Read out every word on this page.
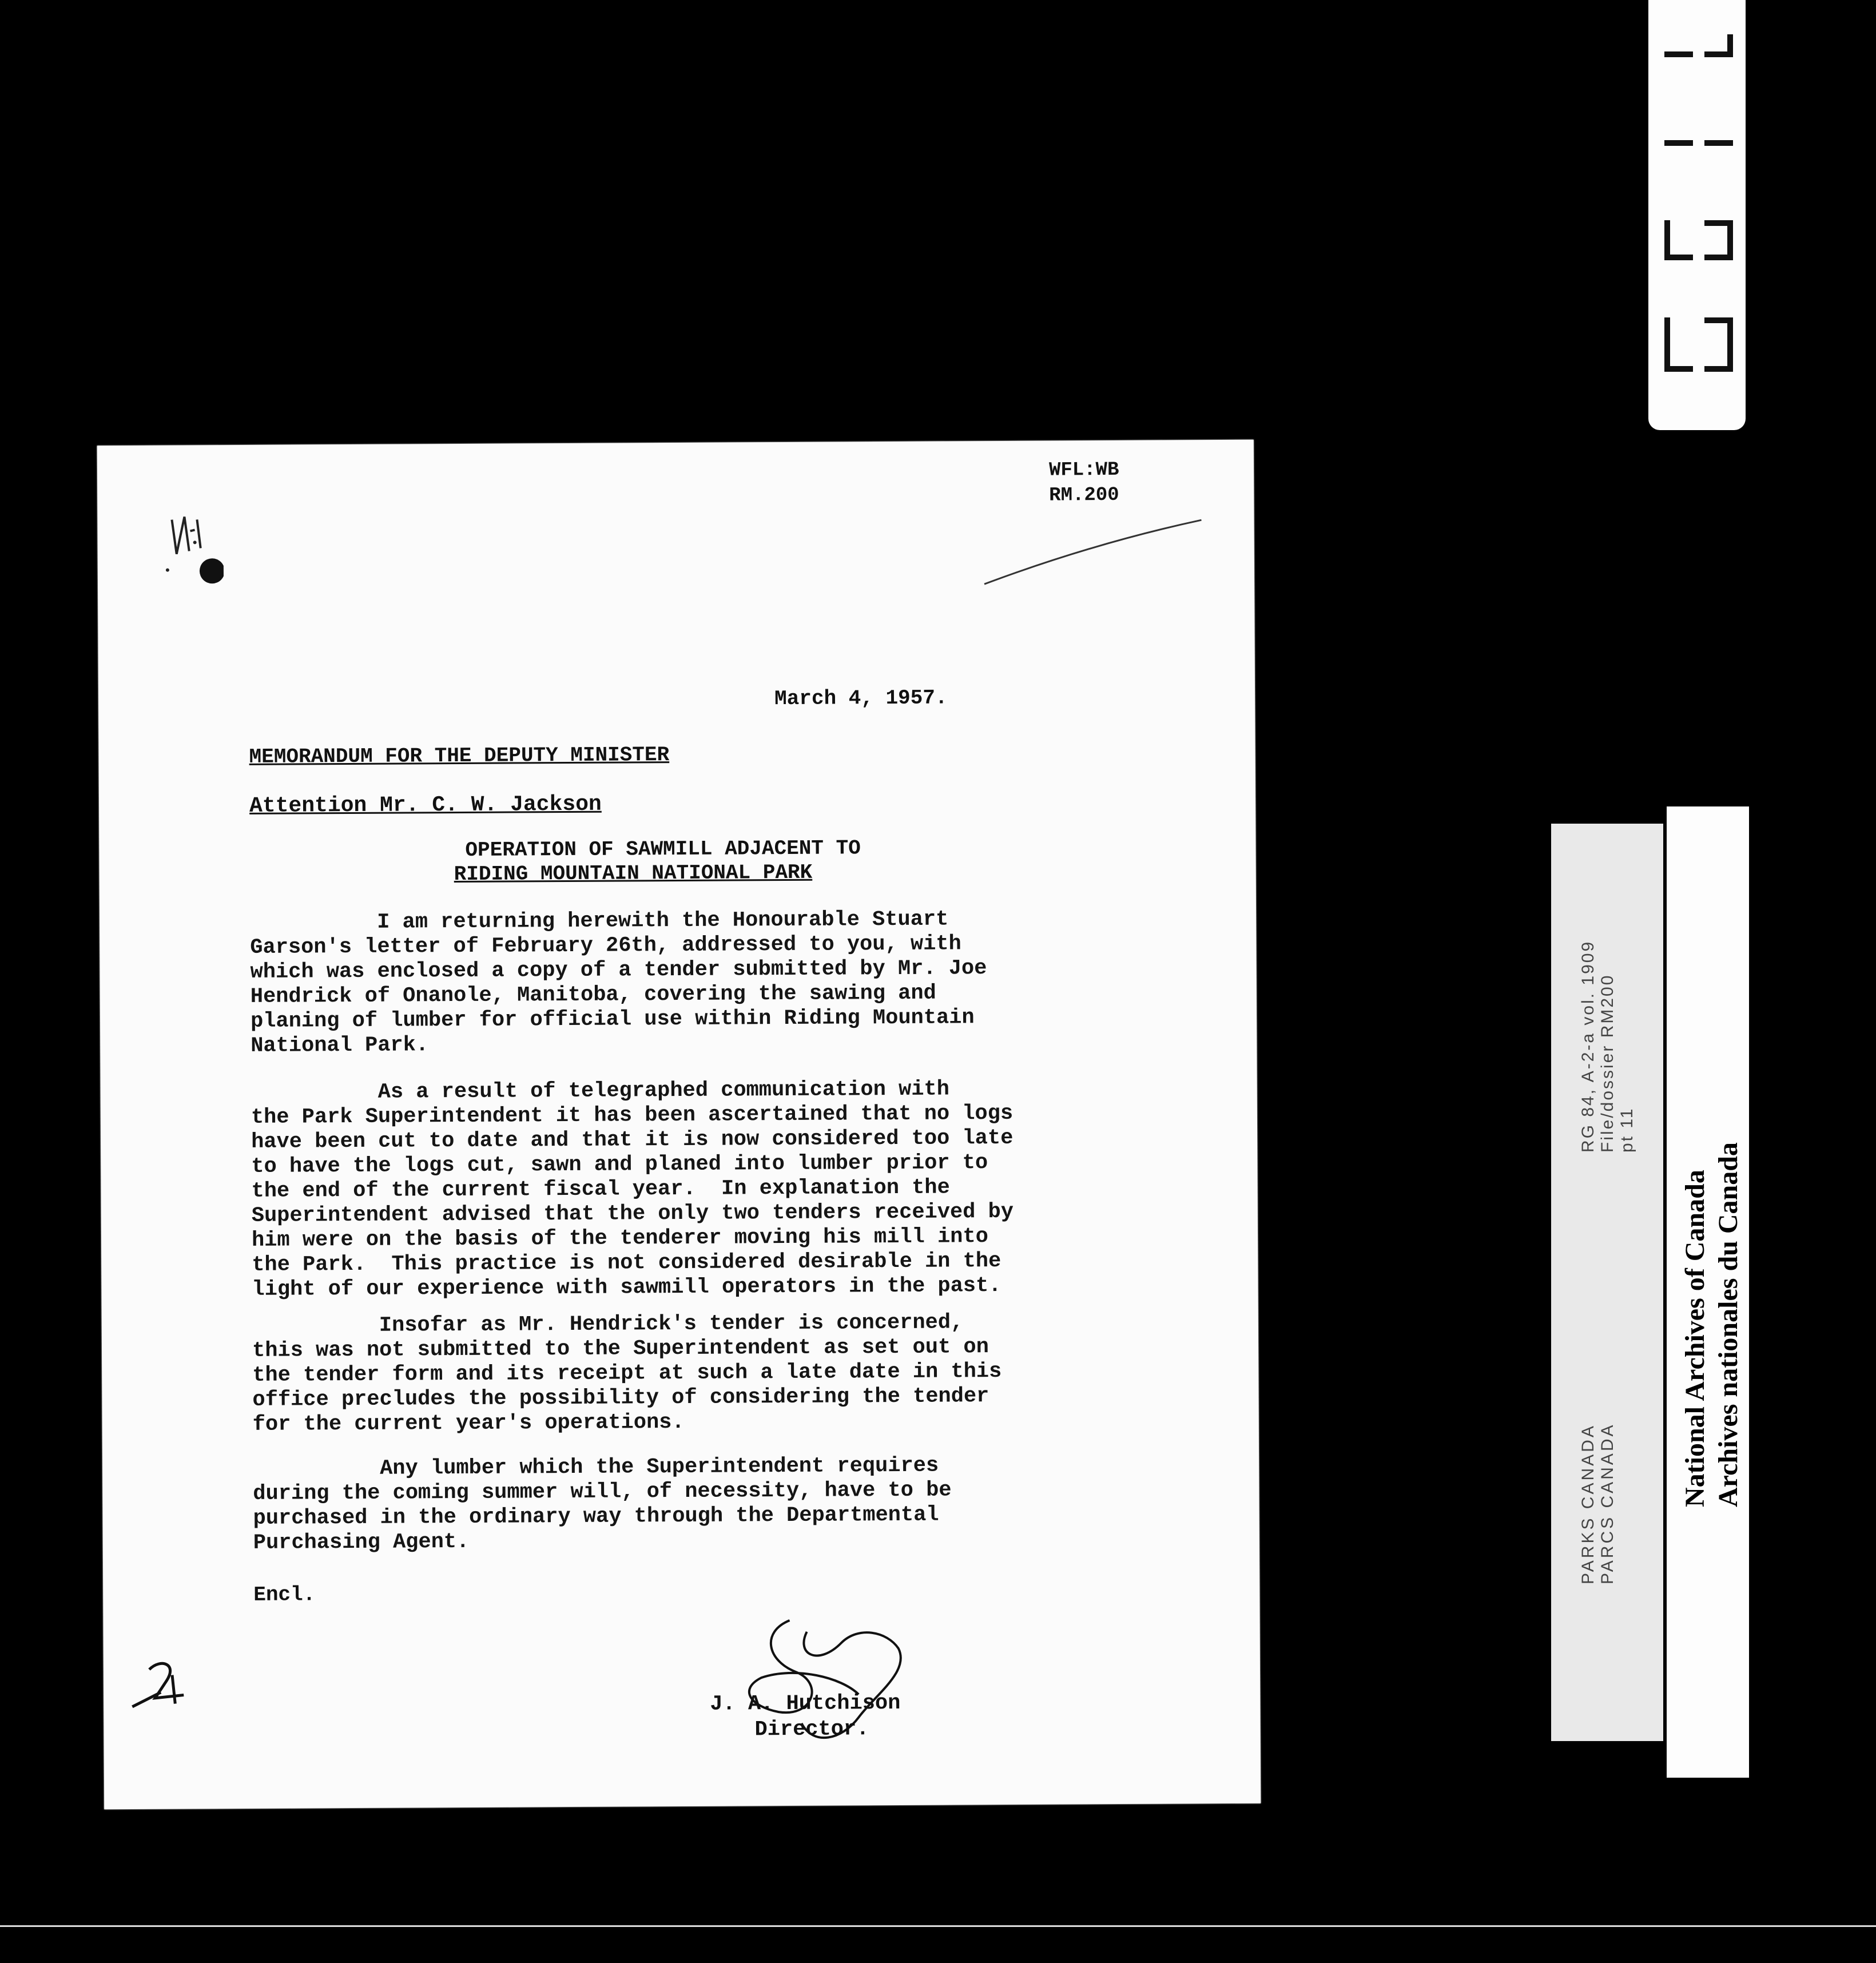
WFL:WB
RM.200
March 4, 1957.
MEMORANDUM FOR THE DEPUTY MINISTER
Attention Mr. C. W. Jackson
OPERATION OF SAWMILL ADJACENT TO
RIDING MOUNTAIN NATIONAL PARK
I am returning herewith the Honourable Stuart
Garson's letter of February 26th, addressed to you, with
which was enclosed a copy of a tender submitted by Mr. Joe
Hendrick of Onanole, Manitoba, covering the sawing and
planing of lumber for official use within Riding Mountain
National Park.
As a result of telegraphed communication with
the Park Superintendent it has been ascertained that no logs
have been cut to date and that it is now considered too late
to have the logs cut, sawn and planed into lumber prior to
the end of the current fiscal year.  In explanation the
Superintendent advised that the only two tenders received by
him were on the basis of the tenderer moving his mill into
the Park.  This practice is not considered desirable in the
light of our experience with sawmill operators in the past.
Insofar as Mr. Hendrick's tender is concerned,
this was not submitted to the Superintendent as set out on
the tender form and its receipt at such a late date in this
office precludes the possibility of considering the tender
for the current year's operations.
Any lumber which the Superintendent requires
during the coming summer will, of necessity, have to be
purchased in the ordinary way through the Departmental
Purchasing Agent.
Encl.
J. A. Hutchison
Director.
PARKS CANADA PARCS CANADA
RG 84, A-2-a vol. 1909 File/dossier RM200 pt 11
National Archives of Canada Archives nationales du Canada
